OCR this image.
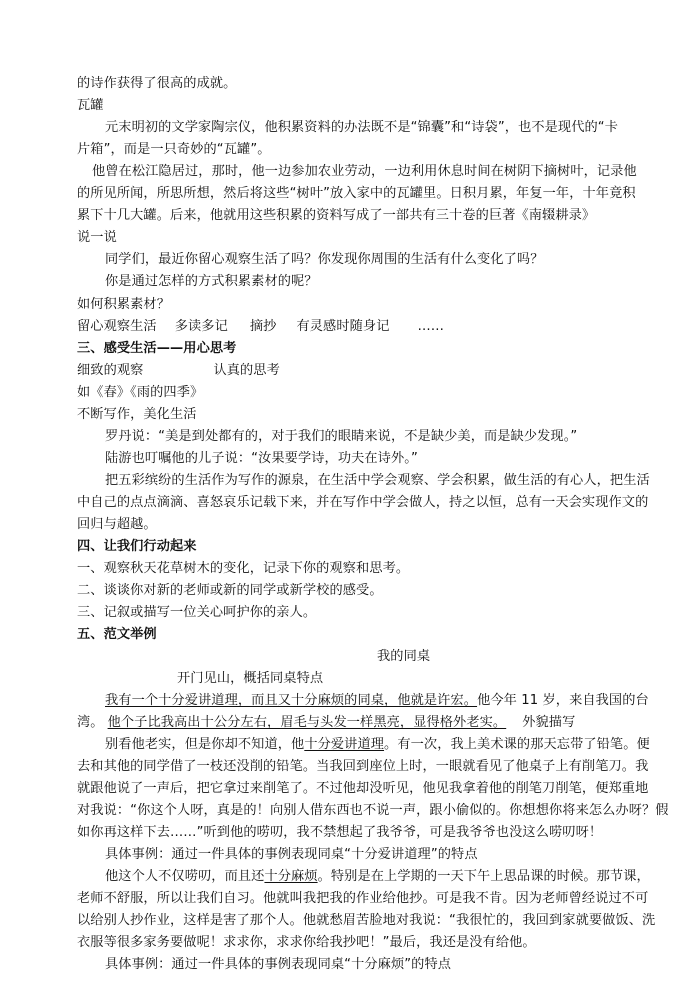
的诗作获得了很高的成就。
瓦罐
元末明初的文学家陶宗仪，他积累资料的办法既不是“锦囊”和“诗袋”，也不是现代的“卡
片箱”，而是一只奇妙的“瓦罐”。
他曾在松江隐居过，那时，他一边参加农业劳动，一边利用休息时间在树阴下摘树叶，记录他
的所见所闻，所思所想，然后将这些“树叶”放入家中的瓦罐里。日积月累，年复一年，十年竟积
累下十几大罐。后来，他就用这些积累的资料写成了一部共有三十卷的巨著《南辍耕录》
说一说
同学们，最近你留心观察生活了吗？你发现你周围的生活有什么变化了吗？
你是通过怎样的方式积累素材的呢？
如何积累素材？
留心观察生活 多读多记 摘抄 有灵感时随身记 ……
三、感受生活——用心思考
细致的观察	认真的思考
如《春》《雨的四季》
不断写作，美化生活
罗丹说：“美是到处都有的，对于我们的眼睛来说，不是缺少美，而是缺少发现。”
陆游也叮嘱他的儿子说：“汝果要学诗，功夫在诗外。”
把五彩缤纷的生活作为写作的源泉，在生活中学会观察、学会积累，做生活的有心人，把生活
中自己的点点滴滴、喜怒哀乐记载下来，并在写作中学会做人，持之以恒，总有一天会实现作文的
回归与超越。
四、让我们行动起来
一、观察秋天花草树木的变化，记录下你的观察和思考。
二、谈谈你对新的老师或新的同学或新学校的感受。
三、记叙或描写一位关心呵护你的亲人。
五、范文举例
我的同桌
开门见山，概括同桌特点
我有一个十分爱讲道理，而且又十分麻烦的同桌，他就是许宏。他今年 11 岁，来自我国的台
湾。 他个子比我高出十公分左右，眉毛与头发一样黑亮，显得格外老实。 外貌描写
别看他老实，但是你却不知道，他十分爱讲道理。有一次，我上美术课的那天忘带了铅笔。便
去和其他的同学借了一枝还没削的铅笔。当我回到座位上时，一眼就看见了他桌子上有削笔刀。我
就跟他说了一声后，把它拿过来削笔了。不过他却没听见，他见我拿着他的削笔刀削笔，便郑重地
对我说：“你这个人呀，真是的！向别人借东西也不说一声，跟小偷似的。你想想你将来怎么办呀？假
如你再这样下去……”听到他的唠叨，我不禁想起了我爷爷，可是我爷爷也没这么唠叨呀！
具体事例：通过一件具体的事例表现同桌“十分爱讲道理”的特点
他这个人不仅唠叨，而且还十分麻烦。特别是在上学期的一天下午上思品课的时候。那节课，
老师不舒服，所以让我们自习。他就叫我把我的作业给他抄。可是我不肯。因为老师曾经说过不可
以给别人抄作业，这样是害了那个人。他就愁眉苦脸地对我说：“我很忙的，我回到家就要做饭、洗
衣服等很多家务要做呢！求求你，求求你给我抄吧！”最后，我还是没有给他。
具体事例：通过一件具体的事例表现同桌“十分麻烦”的特点
